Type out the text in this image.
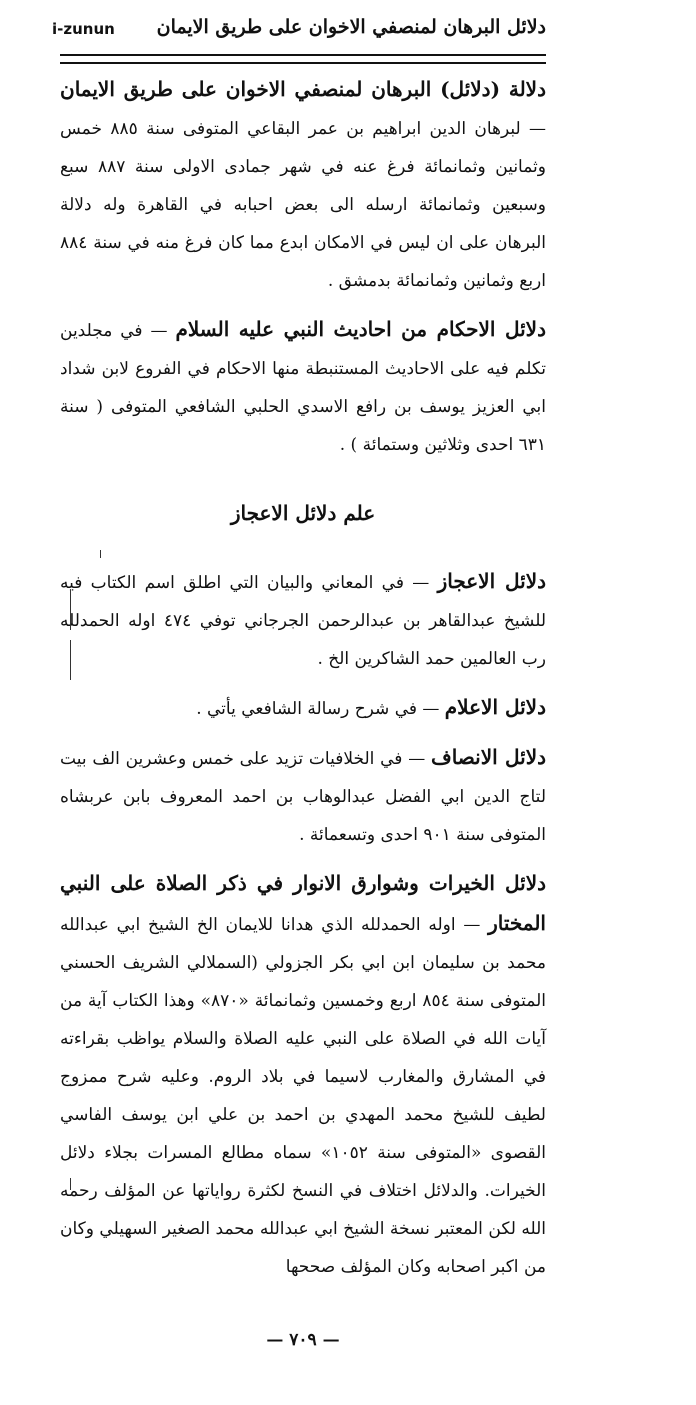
i-zunun دلائل البرهان لمنصفي الاخوان على طريق الايمان

دلالة (دلائل) البرهان لمنصفي الاخوان على طريق الايمان — لبرهان الدين ابراهيم بن عمر البقاعي المتوفى سنة ٨٨٥ خمس وثمانين وثمانمائة فرغ عنه في شهر جمادى الاولى سنة ٨٨٧ سبع وسبعين وثمانمائة ارسله الى بعض احبابه في القاهرة وله دلالة البرهان على ان ليس في الامكان ابدع مما كان فرغ منه في سنة ٨٨٤ اربع وثمانين وثمانمائة بدمشق .

دلائل الاحكام من احاديث النبي عليه السلام — في مجلدين تكلم فيه على الاحاديث المستنبطة منها الاحكام في الفروع لابن شداد ابي العزيز يوسف بن رافع الاسدي الحلبي الشافعي المتوفى ( سنة ٦٣١ احدى وثلاثين وستمائة ) .

علم دلائل الاعجاز

دلائل الاعجاز — في المعاني والبيان التي اطلق اسم الكتاب فيه للشيخ عبدالقاهر بن عبدالرحمن الجرجاني توفي ٤٧٤ اوله الحمدلله رب العالمين حمد الشاكرين الخ .

دلائل الاعلام — في شرح رسالة الشافعي يأتي .

دلائل الانصاف — في الخلافيات تزيد على خمس وعشرين الف بيت لتاج الدين ابي الفضل عبدالوهاب بن احمد المعروف بابن عربشاه المتوفى سنة ٩٠١ احدى وتسعمائة .

دلائل الخيرات وشوارق الانوار في ذكر الصلاة على النبي المختار — اوله الحمدلله الذي هدانا للايمان الخ الشيخ ابي عبدالله محمد بن سليمان ابن ابي بكر الجزولي (السملالي الشريف الحسني المتوفى سنة ٨٥٤ اربع وخمسين وثمانمائة «٨٧٠» وهذا الكتاب آية من آيات الله في الصلاة على النبي عليه الصلاة والسلام يواظب بقراءته في المشارق والمغارب لاسيما في بلاد الروم. وعليه شرح ممزوج لطيف للشيخ محمد المهدي بن احمد بن علي ابن يوسف الفاسي القصوى «المتوفى سنة ١٠٥٢» سماه مطالع المسرات بجلاء دلائل الخيرات. والدلائل اختلاف في النسخ لكثرة رواياتها عن المؤلف رحمه الله لكن المعتبر نسخة الشيخ ابي عبدالله محمد الصغير السهيلي وكان من اكبر اصحابه وكان المؤلف صححها

— ٧٠٩ —
